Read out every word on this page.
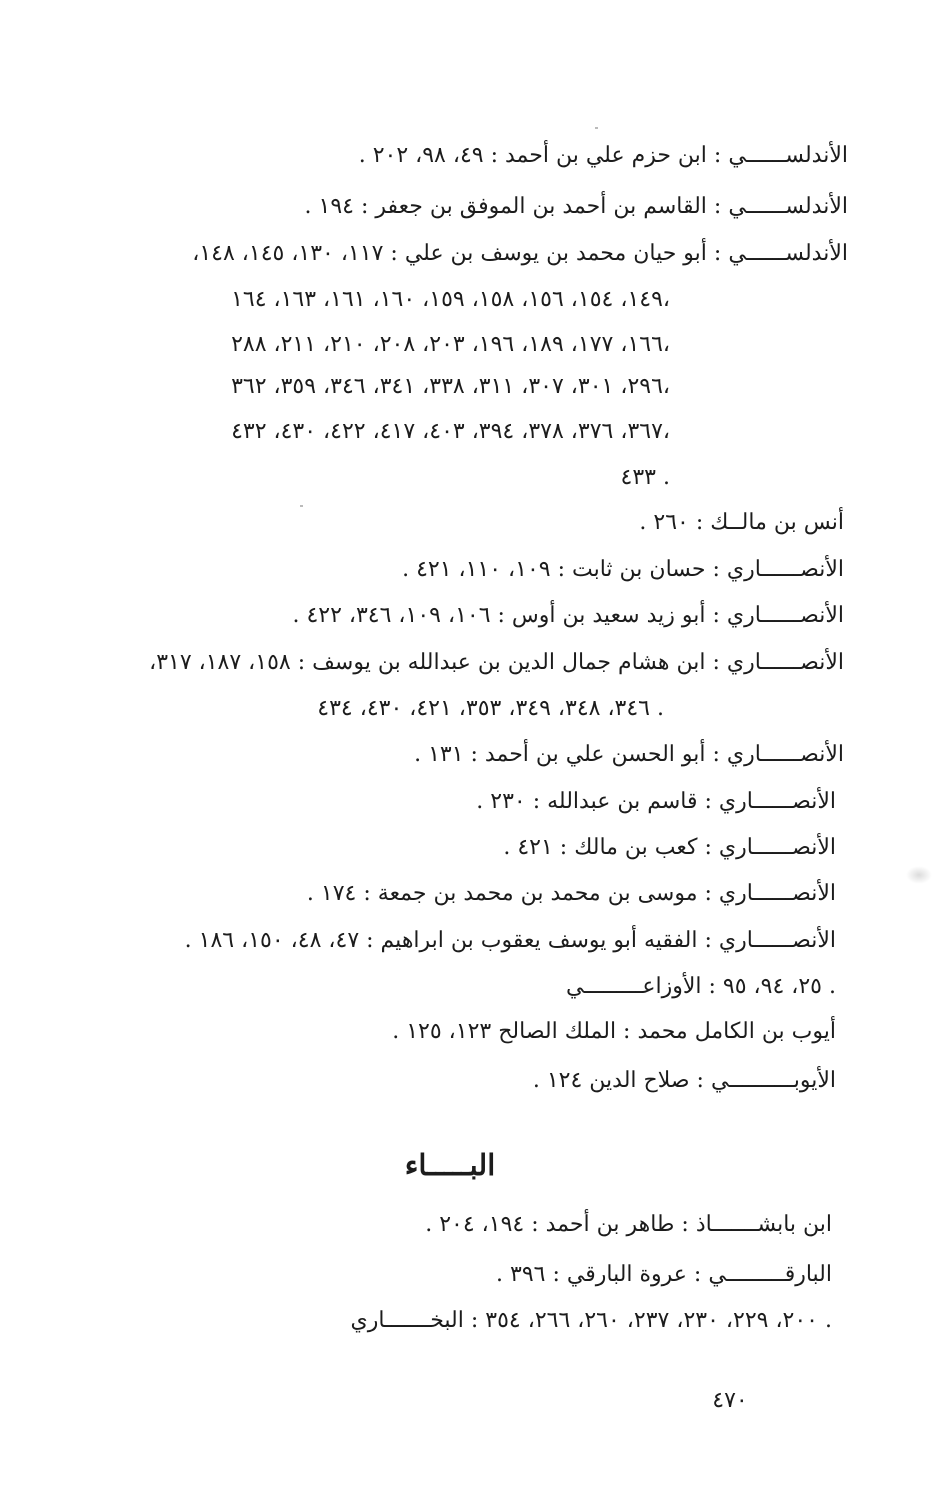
الأندلســــــي : ابن حزم علي بن أحمد : ٤٩، ٩٨، ٢٠٢ .

الأندلســــــي : القاسم بن أحمد بن الموفق بن جعفر : ١٩٤ .

الأندلســــــي : أبو حيان محمد بن يوسف بن علي : ١١٧، ١٣٠، ١٤٥، ١٤٨،

١٤٩، ١٥٤، ١٥٦، ١٥٨، ١٥٩، ١٦٠، ١٦١، ١٦٣، ١٦٤،

١٦٦، ١٧٧، ١٨٩، ١٩٦، ٢٠٣، ٢٠٨، ٢١٠، ٢١١، ٢٨٨،

٢٩٦، ٣٠١، ٣٠٧، ٣١١، ٣٣٨، ٣٤١، ٣٤٦، ٣٥٩، ٣٦٢،

٣٦٧، ٣٧٦، ٣٧٨، ٣٩٤، ٤٠٣، ٤١٧، ٤٢٢، ٤٣٠، ٤٣٢،

٤٣٣ .

أنس بن مالــك : ٢٦٠ .

الأنصــــــاري : حسان بن ثابت : ١٠٩، ١١٠، ٤٢١ .

الأنصــــــاري : أبو زيد سعيد بن أوس : ١٠٦، ١٠٩، ٣٤٦، ٤٢٢ .

الأنصــــــاري : ابن هشام جمال الدين بن عبدالله بن يوسف : ١٥٨، ١٨٧، ٣١٧،

٣٤٦، ٣٤٨، ٣٤٩، ٣٥٣، ٤٢١، ٤٣٠، ٤٣٤ .

الأنصــــــاري : أبو الحسن علي بن أحمد : ١٣١ .

الأنصــــــاري : قاسم بن عبدالله : ٢٣٠ .

الأنصــــــاري : كعب بن مالك : ٤٢١ .

الأنصــــــاري : موسى بن محمد بن محمد بن جمعة : ١٧٤ .

الأنصــــــاري : الفقيه أبو يوسف يعقوب بن ابراهيم : ٤٧، ٤٨، ١٥٠، ١٨٦ .

الأوزاعـــــــــي : ٢٥، ٩٤، ٩٥ .

أيوب بن الكامل محمد : الملك الصالح ١٢٣، ١٢٥ .

الأيوبــــــــــي : صلاح الدين ١٢٤ .

البـــــاء

ابن بابشـــــــاذ : طاهر بن أحمد : ١٩٤، ٢٠٤ .

البارقـــــــــي : عروة البارقي : ٣٩٦ .

البخـــــــاري : ٢٠٠، ٢٢٩، ٢٣٠، ٢٣٧، ٢٦٠، ٢٦٦، ٣٥٤ .

٤٧٠
